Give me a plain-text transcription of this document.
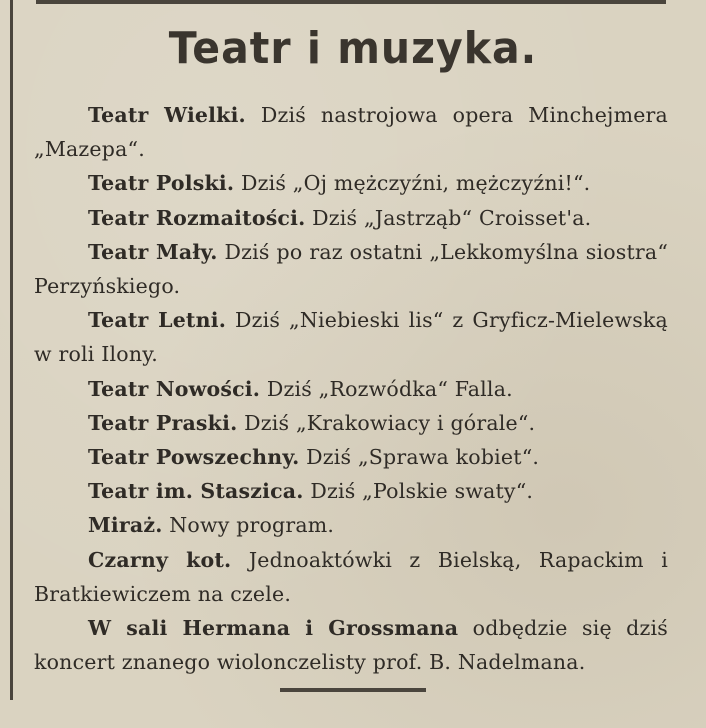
Teatr i muzyka.

Teatr Wielki. Dziś nastrojowa opera Minchejmera „Mazepa“.

Teatr Polski. Dziś „Oj mężczyźni, mężczyźni!“.

Teatr Rozmaitości. Dziś „Jastrząb“ Croisset'a.

Teatr Mały. Dziś po raz ostatni „Lekkomyślna siostra“ Perzyńskiego.

Teatr Letni. Dziś „Niebieski lis“ z Gryficz-Mielewską w roli Ilony.

Teatr Nowości. Dziś „Rozwódka“ Falla.

Teatr Praski. Dziś „Krakowiacy i górale“.

Teatr Powszechny. Dziś „Sprawa kobiet“.

Teatr im. Staszica. Dziś „Polskie swaty“.

Miraż. Nowy program.

Czarny kot. Jednoaktówki z Bielską, Rapackim i Bratkiewiczem na czele.

W sali Hermana i Grossmana odbędzie się dziś koncert znanego wiolonczelisty prof. B. Nadelmana.
